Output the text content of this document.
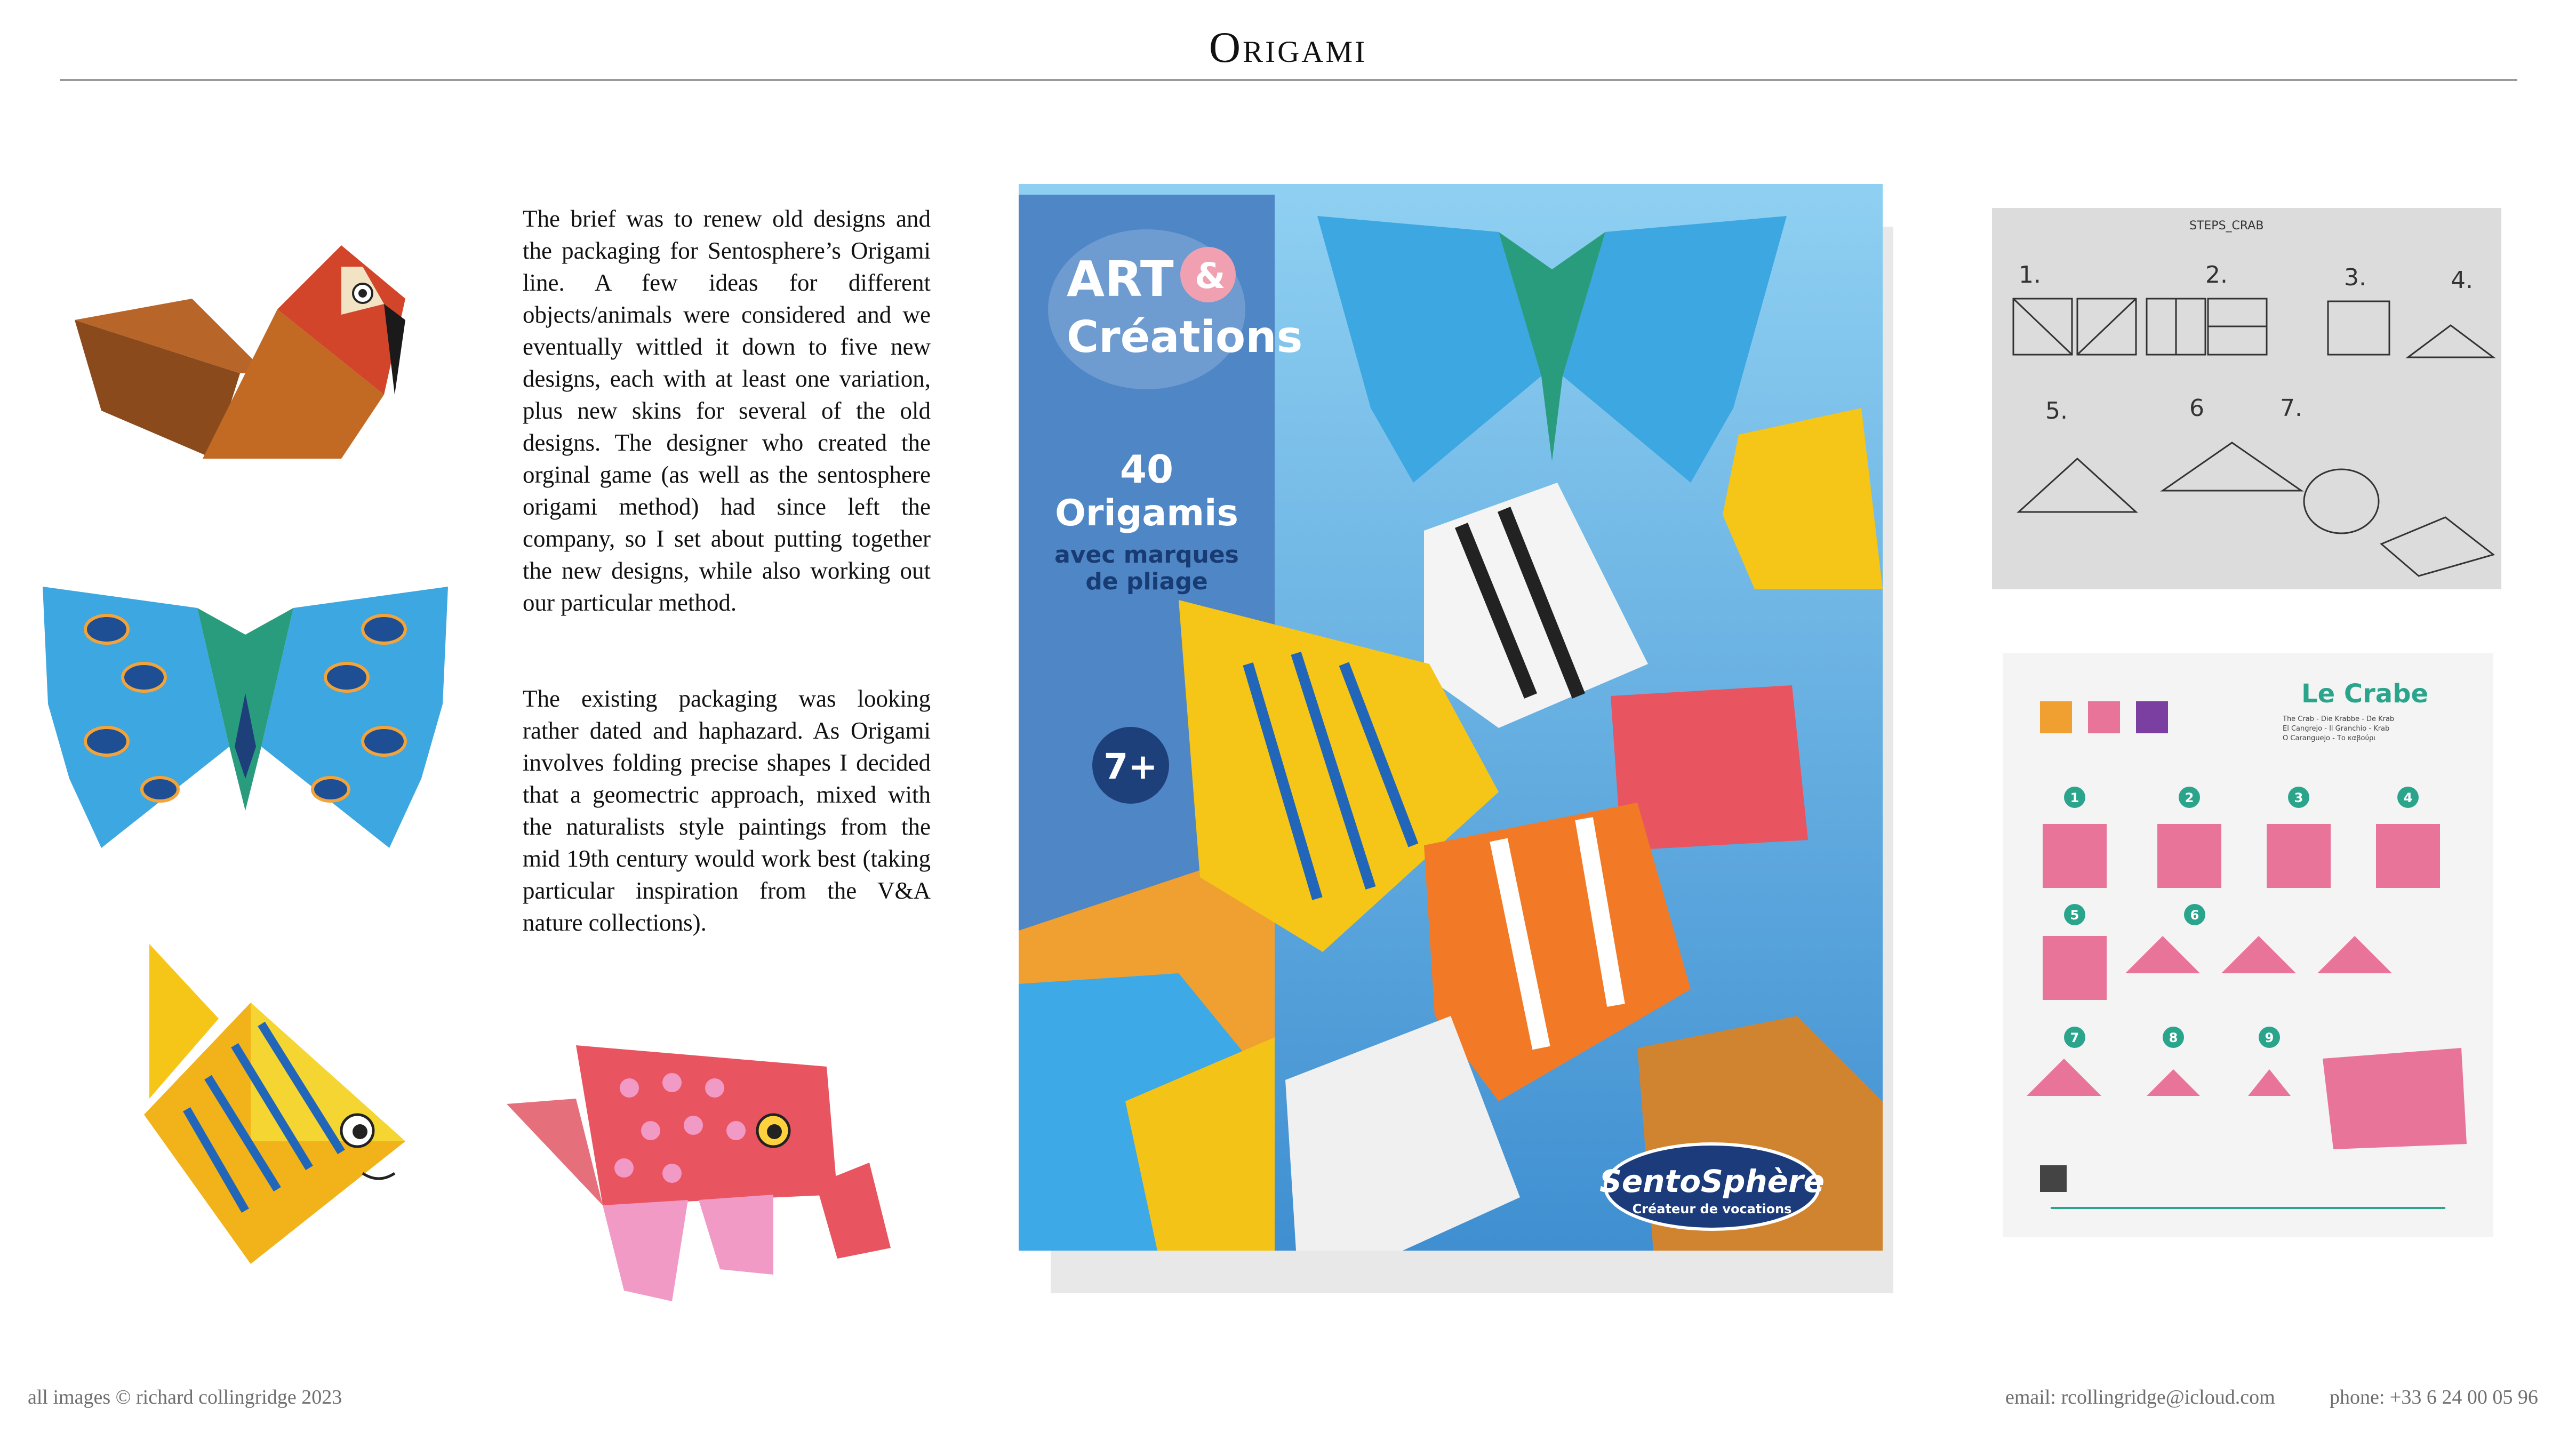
Origami
The brief was to renew old designs and the packaging for Sentosphere’s Origami line. A few ideas for different objects/animals were considered and we eventually wittled it down to five new designs, each with at least one variation, plus new skins for several of the old designs. The designer who created the orginal game (as well as the sentosphere origami method) had since left the company, so I set about putting together the new designs, while also working out our particular method.
The existing packaging was looking rather dated and haphazard. As Origami involves folding precise shapes I decided that a geomectric approach, mixed with the naturalists style paintings from the mid 19th century would work best (taking particular inspiration from the V&A nature collections).
ART &
Créations
40
Origamis
avec marques
de pliage
7+
SentoSphère
Créateur de vocations
STEPS_CRAB
1.	2.	3.	4.
5.	6	7.
Le Crabe
The Crab - Die Krabbe - De Krab
El Cangrejo - Il Granchio - Krab
O Caranguejo - Το καβούρι
1	2	3	4
5	6
7	8	9
all images © richard collingridge 2023	email: rcollingridge@icloud.com	phone: +33 6 24 00 05 96
